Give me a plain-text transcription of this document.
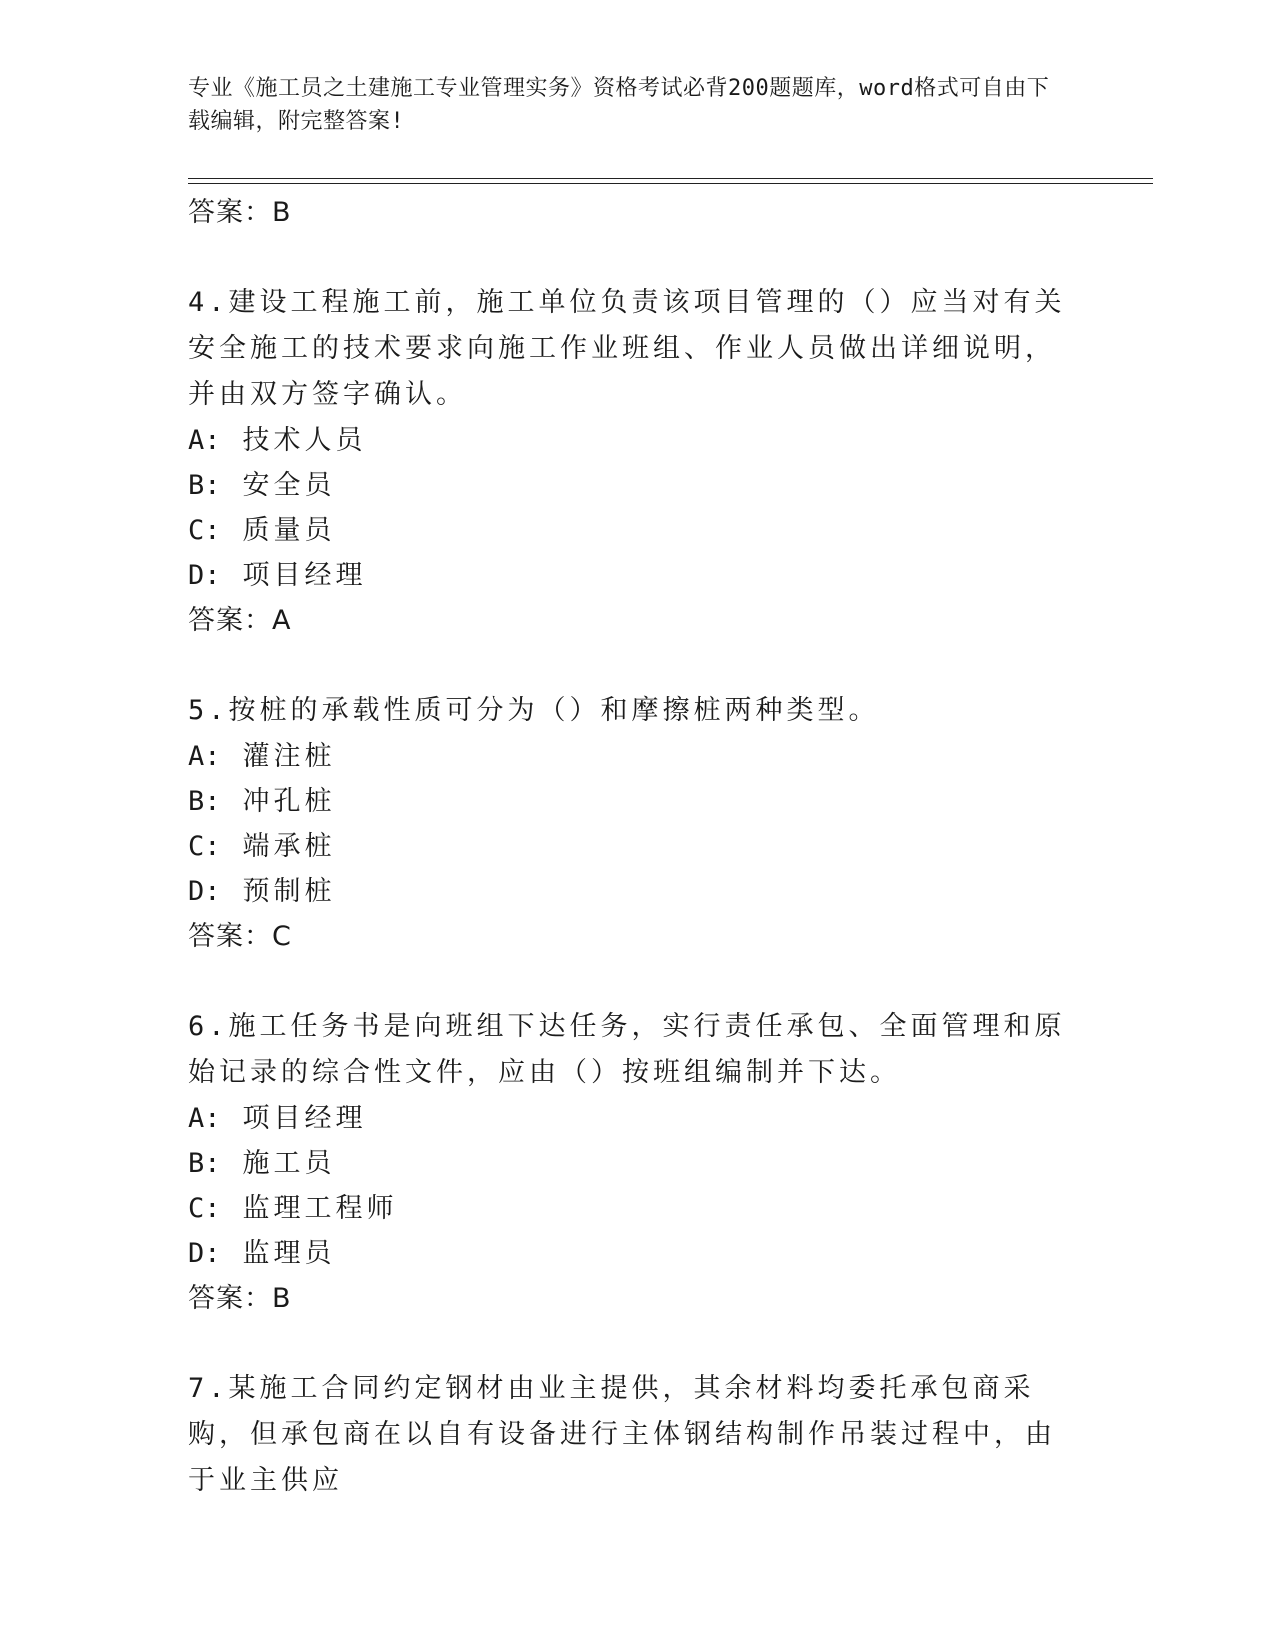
专业《施工员之土建施工专业管理实务》资格考试必背200题题库，word格式可自由下载编辑，附完整答案!
答案：B
4.建设工程施工前，施工单位负责该项目管理的（）应当对有关安全施工的技术要求向施工作业班组、作业人员做出详细说明，并由双方签字确认。
A: 技术人员
B: 安全员
C: 质量员
D: 项目经理
答案：A
5.按桩的承载性质可分为（）和摩擦桩两种类型。
A: 灌注桩
B: 冲孔桩
C: 端承桩
D: 预制桩
答案：C
6.施工任务书是向班组下达任务，实行责任承包、全面管理和原始记录的综合性文件，应由（）按班组编制并下达。
A: 项目经理
B: 施工员
C: 监理工程师
D: 监理员
答案：B
7.某施工合同约定钢材由业主提供，其余材料均委托承包商采购，但承包商在以自有设备进行主体钢结构制作吊装过程中，由于业主供应
